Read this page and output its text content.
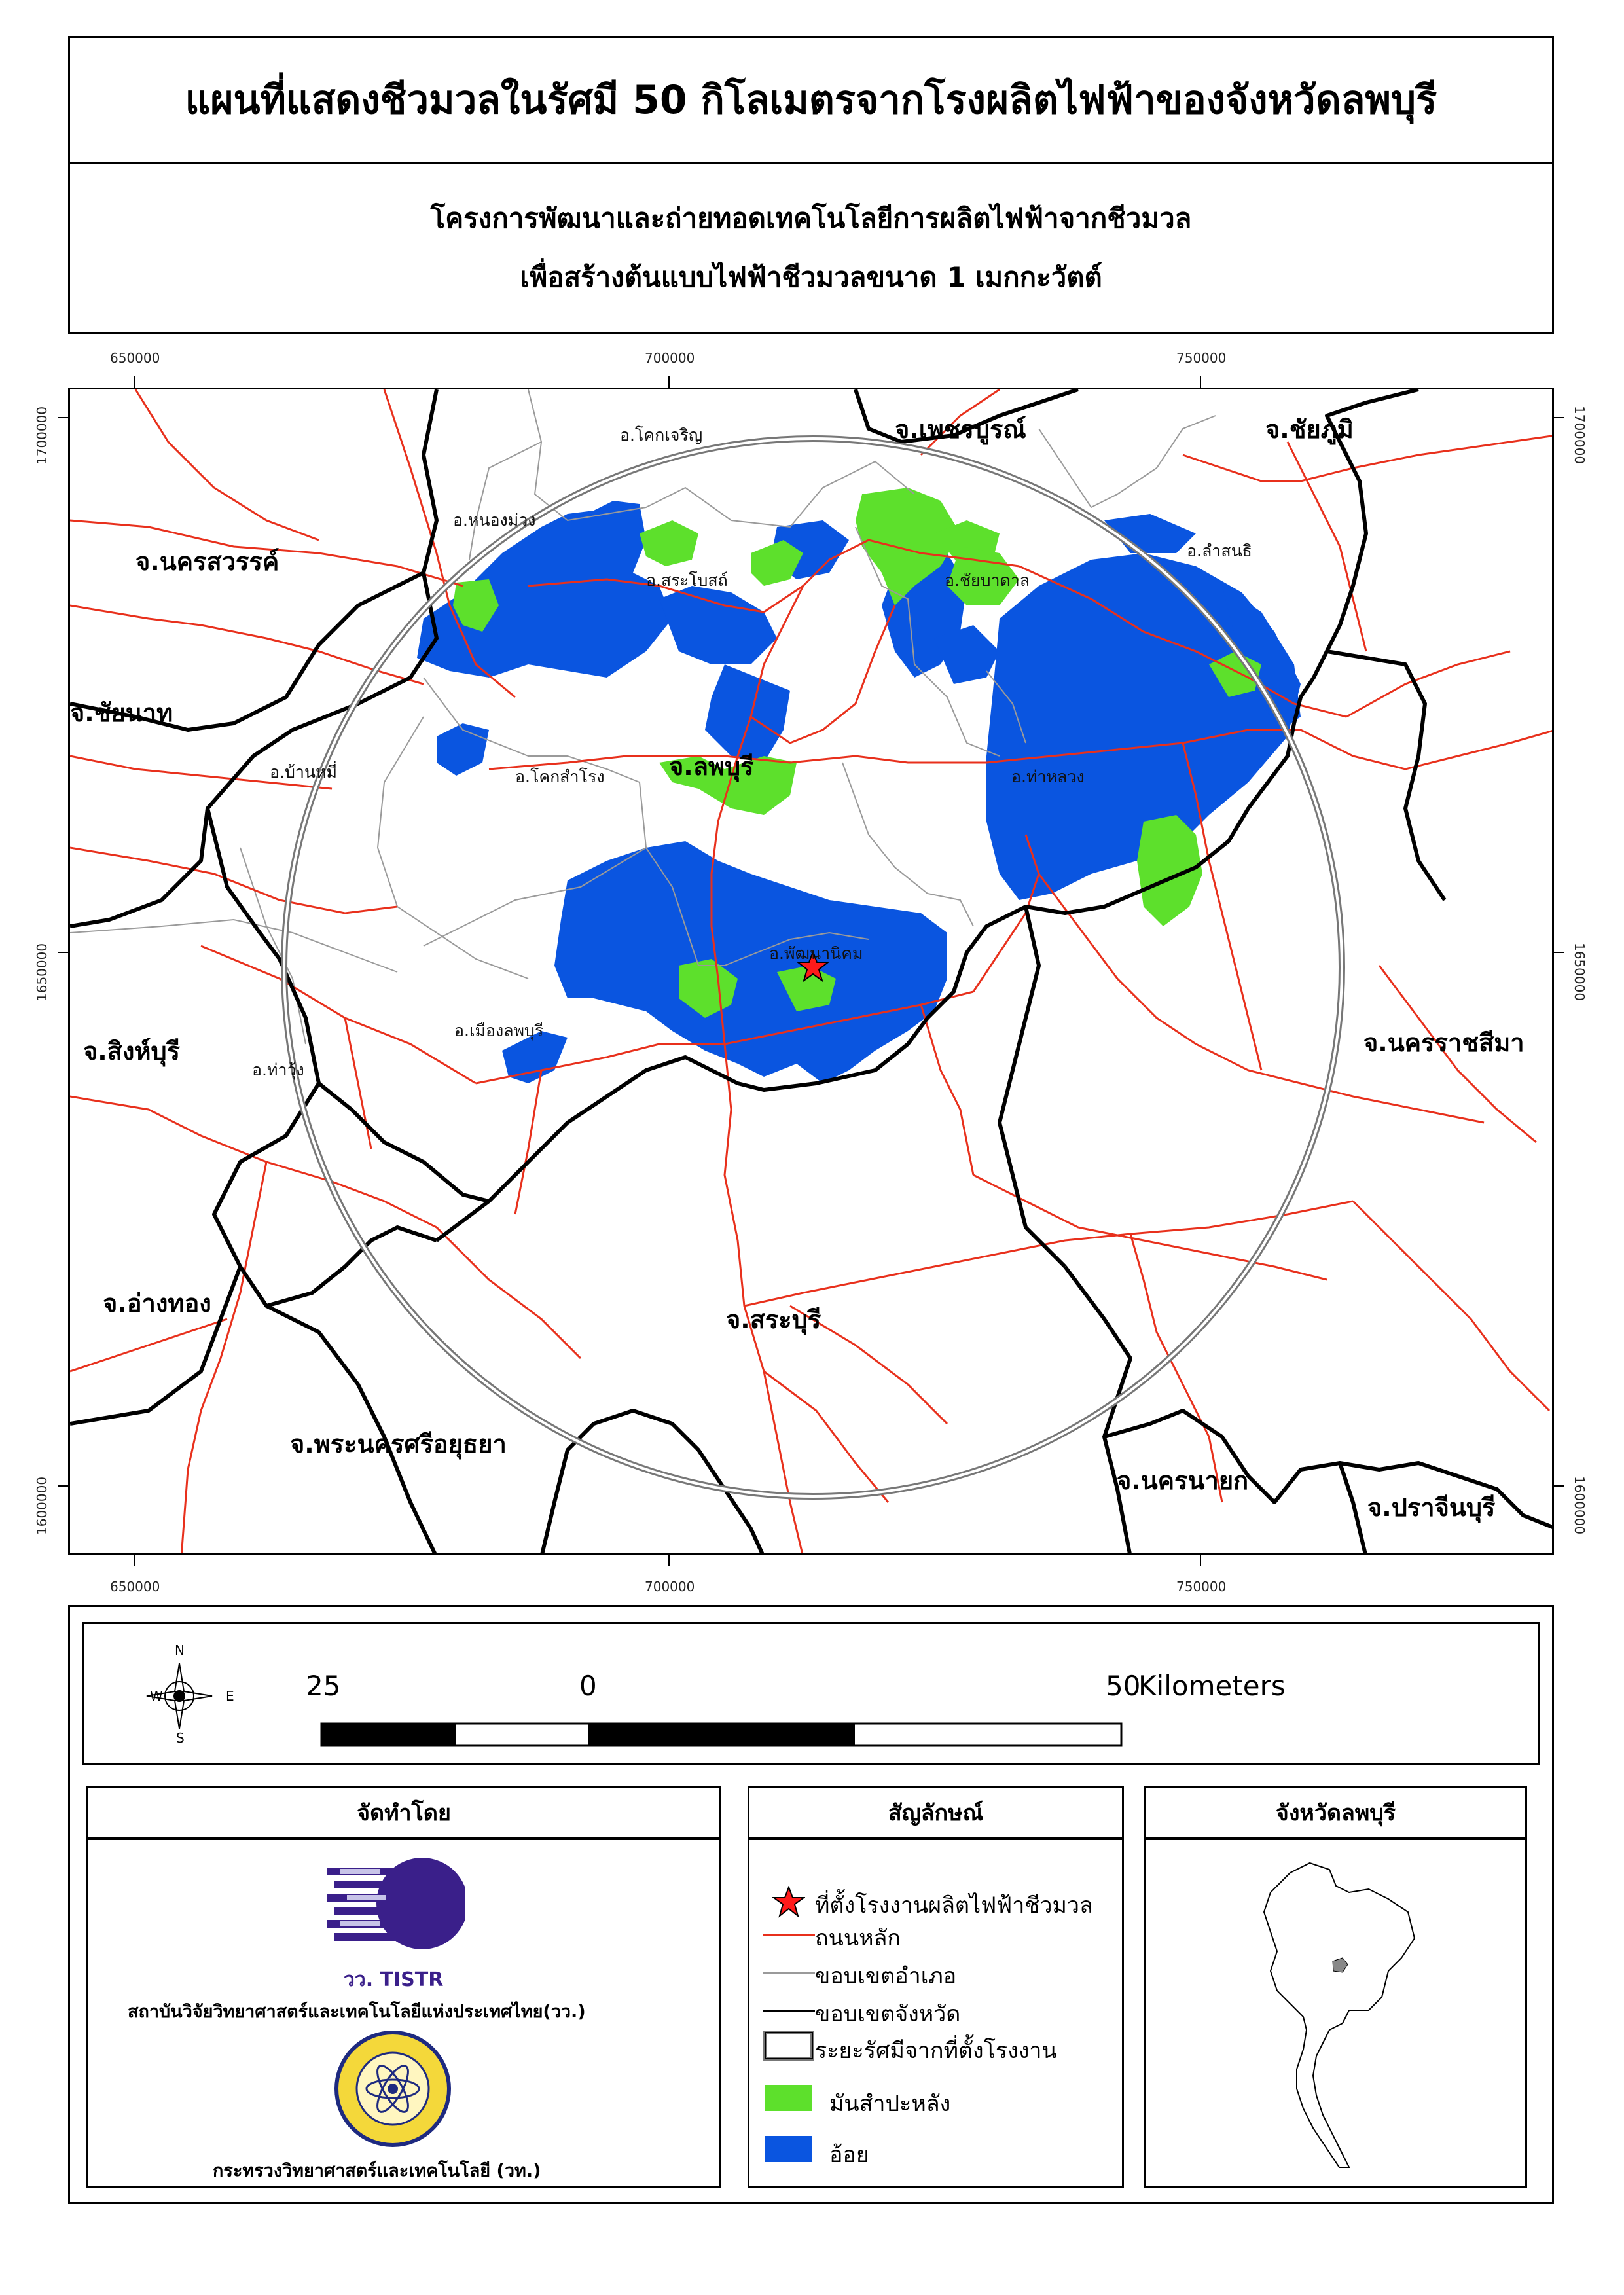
แผนที่แสดงชีวมวลในรัศมี 50 กิโลเมตรจากโรงผลิตไฟฟ้าของจังหวัดลพบุรี
โครงการพัฒนาและถ่ายทอดเทคโนโลยีการผลิตไฟฟ้าจากชีวมวล
เพื่อสร้างต้นแบบไฟฟ้าชีวมวลขนาด 1 เมกกะวัตต์
650000	700000	750000
650000	700000	750000
1700000
1650000
1600000
1700000
1650000
1600000
จ.เพชรบูรณ์	จ.ชัยภูมิ
จ.นครสวรรค์
จ.ชัยนาท
จ.ลพบุรี
จ.สิงห์บุรี	จ.นครราชสีมา
จ.อ่างทอง
จ.สระบุรี
จ.พระนครศรีอยุธยา
จ.นครนายก
จ.ปราจีนบุรี
อ.โคกเจริญ
อ.หนองม่วง
อ.สระโบสถ์	อ.ชัยบาดาล
อ.ลำสนธิ
อ.บ้านหมี่	อ.โคกสำโรง	อ.ท่าหลวง
อ.พัฒนานิคม
อ.เมืองลพบุรี
อ.ท่าวุ้ง
N
S
W	E	25	0	50
Kilometers
จัดทำโดย
วว. TISTR
สถาบันวิจัยวิทยาศาสตร์และเทคโนโลยีแห่งประเทศไทย(วว.)
กระทรวงวิทยาศาสตร์และเทคโนโลยี (วท.)
สัญลักษณ์
ที่ตั้งโรงงานผลิตไฟฟ้าชีวมวล
ถนนหลัก
ขอบเขตอำเภอ
ขอบเขตจังหวัด
ระยะรัศมีจากที่ตั้งโรงงาน
มันสำปะหลัง
อ้อย
จังหวัดลพบุรี
